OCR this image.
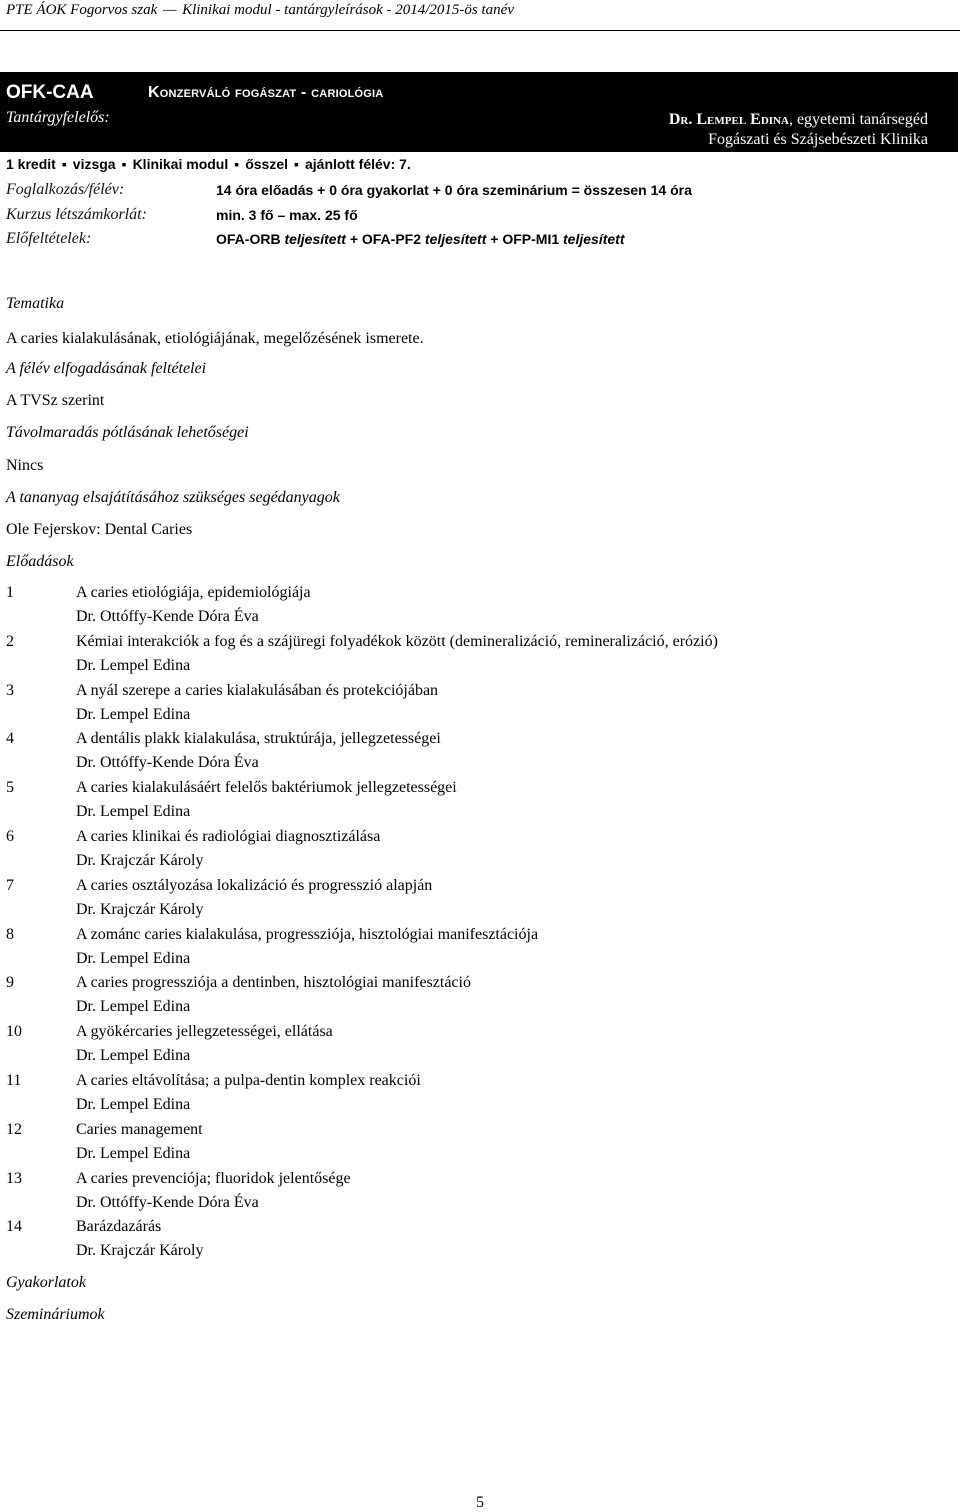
PTE ÁOK Fogorvos szak — Klinikai modul - tantárgyleírások - 2014/2015-ös tanév
OFK-CAA	Konzerváló fogászat - cariológia
Tantárgyfelelős:	Dr. Lempel Edina, egyetemi tanársegéd
Fogászati és Szájsebészeti Klinika
1 kredit ▪ vizsga ▪ Klinikai modul ▪ ősszel ▪ ajánlott félév: 7.
Foglalkozás/félév:	14 óra előadás + 0 óra gyakorlat + 0 óra szeminárium = összesen 14 óra
Kurzus létszámkorlát:	min. 3 fő – max. 25 fő
Előfeltételek:	OFA-ORB teljesített + OFA-PF2 teljesített + OFP-MI1 teljesített
Tematika
A caries kialakulásának, etiológiájának, megelőzésének ismerete.
A félév elfogadásának feltételei
A TVSz szerint
Távolmaradás pótlásának lehetőségei
Nincs
A tananyag elsajátításához szükséges segédanyagok
Ole Fejerskov: Dental Caries
Előadások
1	A caries etiológiája, epidemiológiája
Dr. Ottóffy-Kende Dóra Éva
2	Kémiai interakciók a fog és a szájüregi folyadékok között (demineralizáció, remineralizáció, erózió)
Dr. Lempel Edina
3	A nyál szerepe a caries kialakulásában és protekciójában
Dr. Lempel Edina
4	A dentális plakk kialakulása, struktúrája, jellegzetességei
Dr. Ottóffy-Kende Dóra Éva
5	A caries kialakulásáért felelős baktériumok jellegzetességei
Dr. Lempel Edina
6	A caries klinikai és radiológiai diagnosztizálása
Dr. Krajczár Károly
7	A caries osztályozása lokalizáció és progresszió alapján
Dr. Krajczár Károly
8	A zománc caries kialakulása, progressziója, hisztológiai manifesztációja
Dr. Lempel Edina
9	A caries progressziója a dentinben, hisztológiai manifesztáció
Dr. Lempel Edina
10	A gyökércaries jellegzetességei, ellátása
Dr. Lempel Edina
11	A caries eltávolítása; a pulpa-dentin komplex reakciói
Dr. Lempel Edina
12	Caries management
Dr. Lempel Edina
13	A caries prevenciója; fluoridok jelentősége
Dr. Ottóffy-Kende Dóra Éva
14	Barázdazárás
Dr. Krajczár Károly
Gyakorlatok
Szemináriumok
5
